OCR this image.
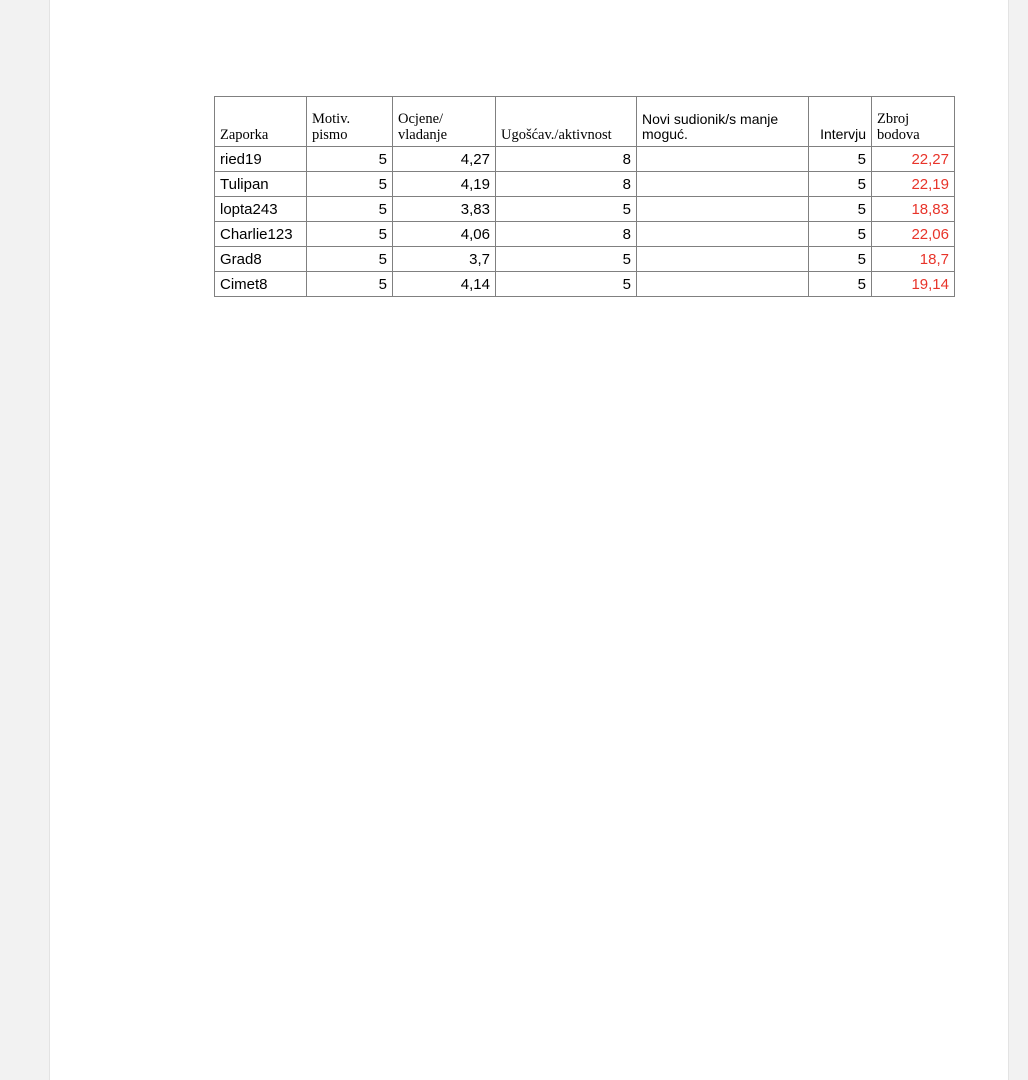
Zaporka	Motiv. pismo	Ocjene/ vladanje	Ugošćav./aktivnost	Novi sudionik/s manje moguć.	Intervju	Zbroj bodova
ried19	5	4,27	8		5	22,27
Tulipan	5	4,19	8		5	22,19
lopta243	5	3,83	5		5	18,83
Charlie123	5	4,06	8		5	22,06
Grad8	5	3,7	5		5	18,7
Cimet8	5	4,14	5		5	19,14
